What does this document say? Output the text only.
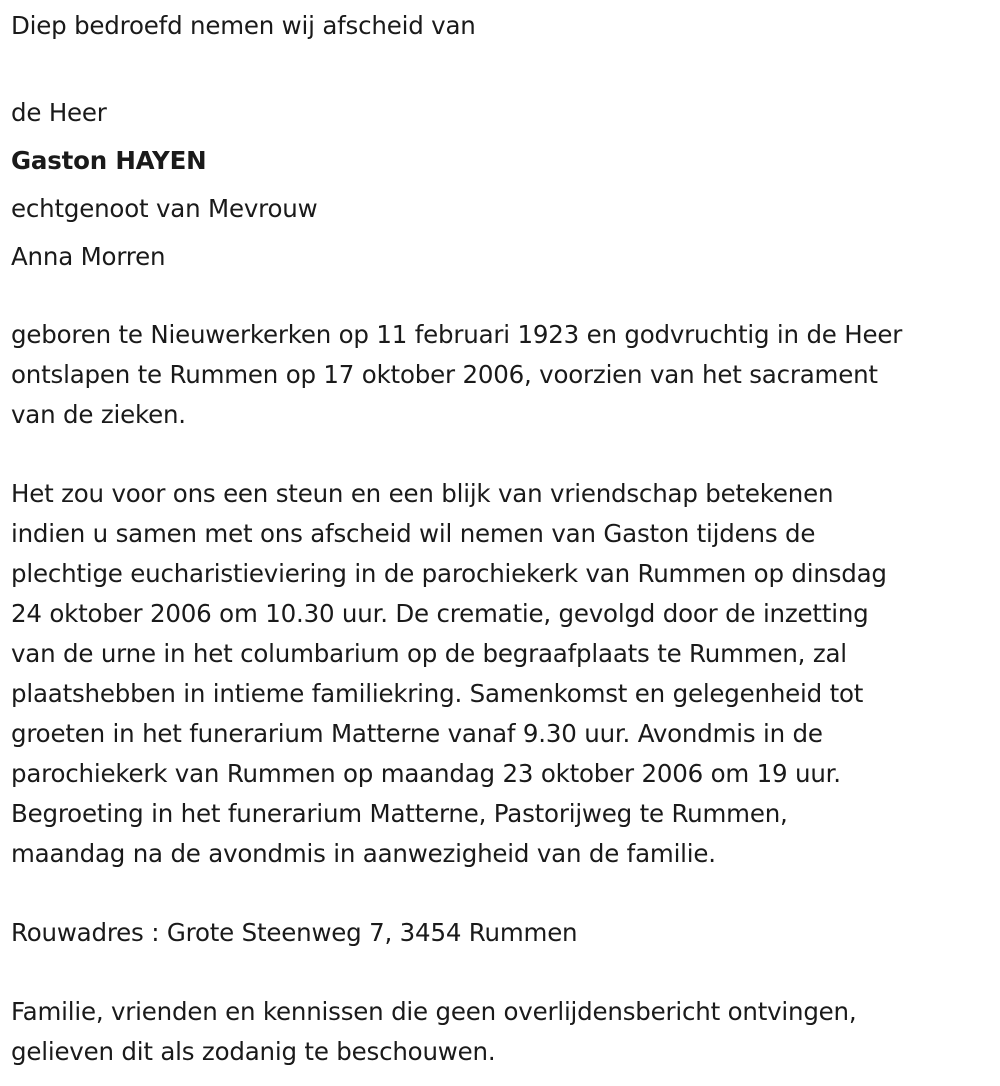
Diep bedroefd nemen wij afscheid van
de Heer
Gaston HAYEN
echtgenoot van Mevrouw
Anna Morren
geboren te Nieuwerkerken op 11 februari 1923 en godvruchtig in de Heer
ontslapen te Rummen op 17 oktober 2006, voorzien van het sacrament
van de zieken.
Het zou voor ons een steun en een blijk van vriendschap betekenen
indien u samen met ons afscheid wil nemen van Gaston tijdens de
plechtige eucharistieviering in de parochiekerk van Rummen op dinsdag
24 oktober 2006 om 10.30 uur. De crematie, gevolgd door de inzetting
van de urne in het columbarium op de begraafplaats te Rummen, zal
plaatshebben in intieme familiekring. Samenkomst en gelegenheid tot
groeten in het funerarium Matterne vanaf 9.30 uur. Avondmis in de
parochiekerk van Rummen op maandag 23 oktober 2006 om 19 uur.
Begroeting in het funerarium Matterne, Pastorijweg te Rummen,
maandag na de avondmis in aanwezigheid van de familie.
Rouwadres : Grote Steenweg 7, 3454 Rummen
Familie, vrienden en kennissen die geen overlijdensbericht ontvingen,
gelieven dit als zodanig te beschouwen.
